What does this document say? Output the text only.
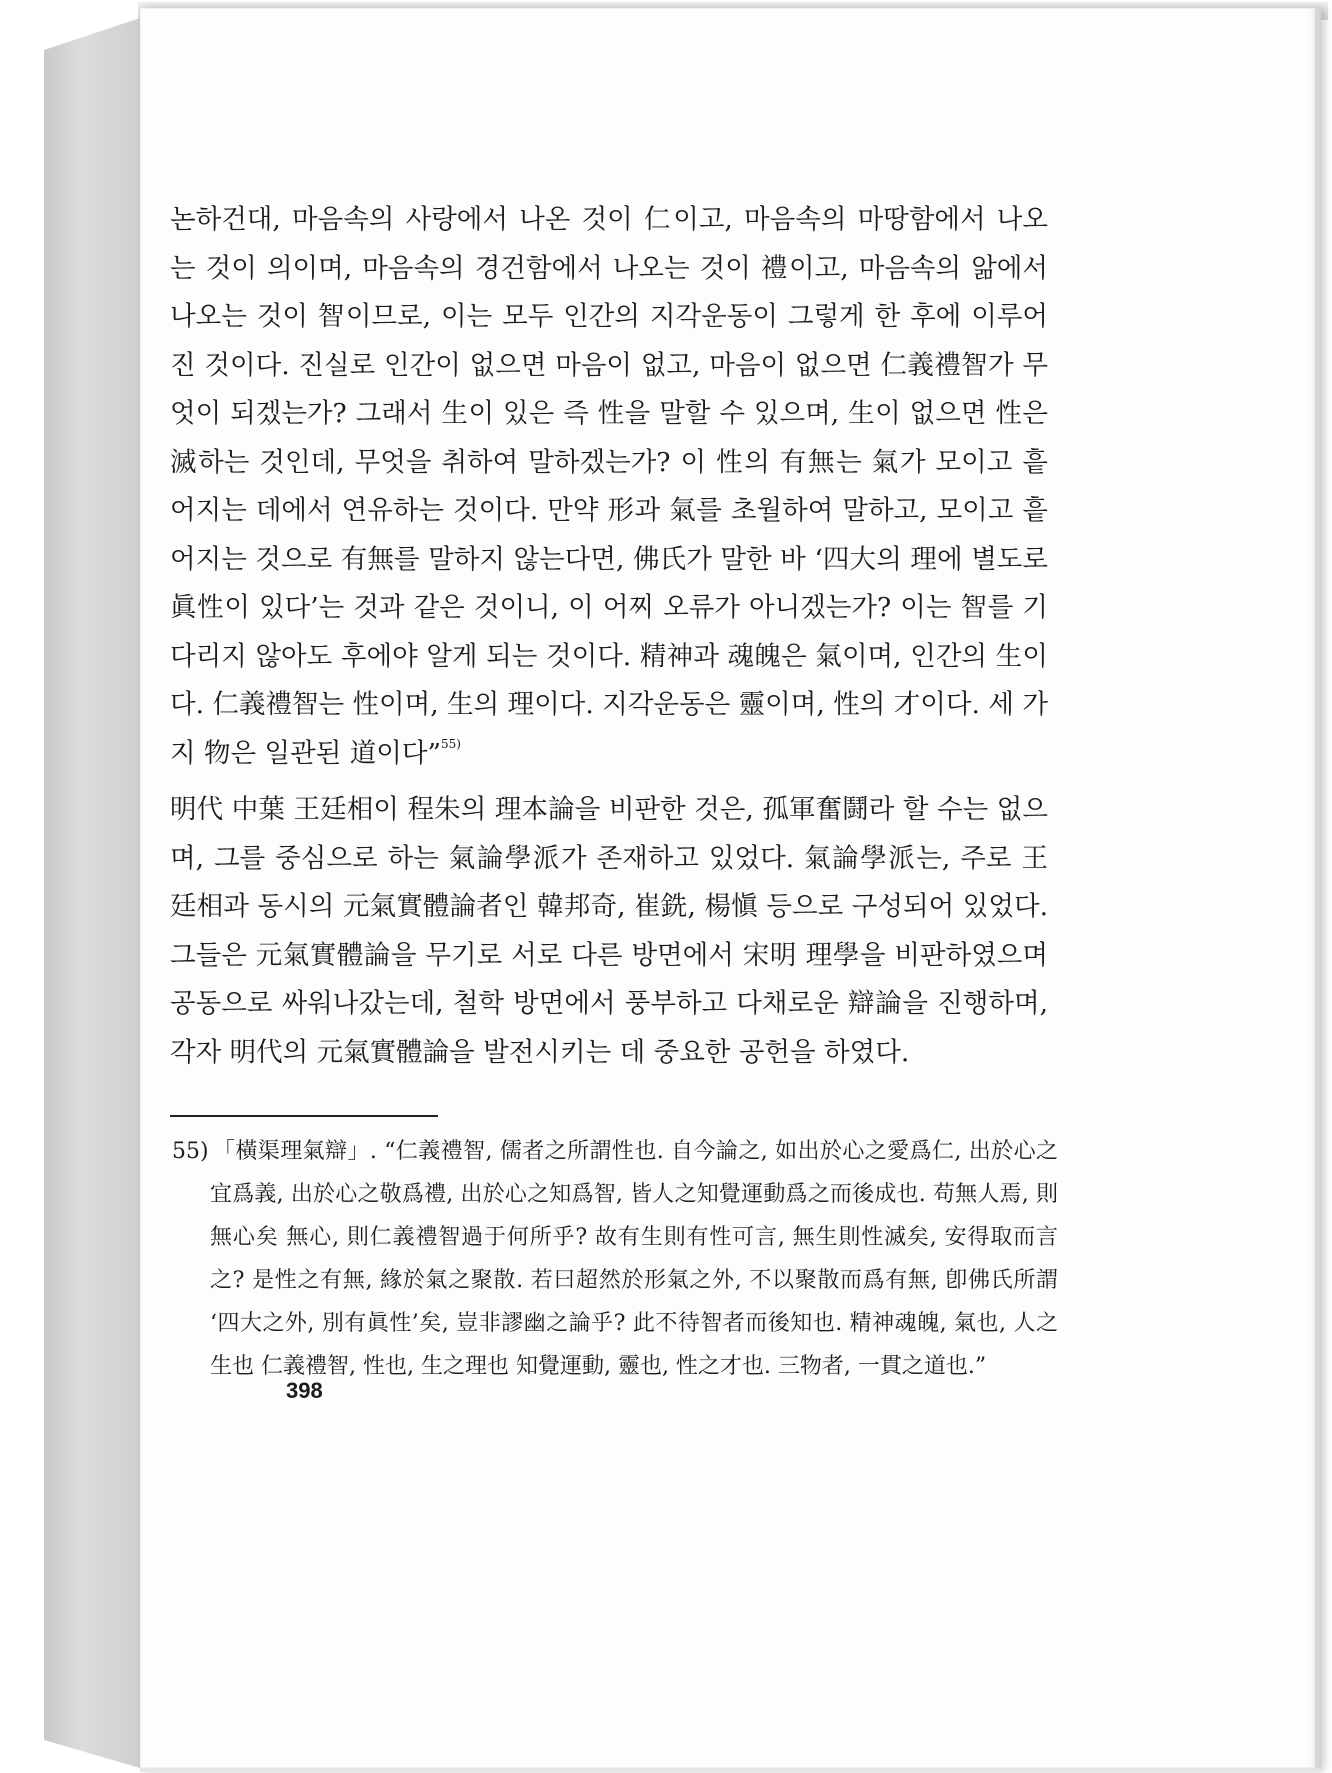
논하건대, 마음속의 사랑에서 나온 것이 仁이고, 마음속의 마땅함에서 나오는 것이 의이며, 마음속의 경건함에서 나오는 것이 禮이고, 마음속의 앎에서 나오는 것이 智이므로, 이는 모두 인간의 지각운동이 그렇게 한 후에 이루어진 것이다. 진실로 인간이 없으면 마음이 없고, 마음이 없으면 仁義禮智가 무엇이 되겠는가? 그래서 生이 있은 즉 性을 말할 수 있으며, 生이 없으면 性은 滅하는 것인데, 무엇을 취하여 말하겠는가? 이 性의 有無는 氣가 모이고 흩어지는 데에서 연유하는 것이다. 만약 形과 氣를 초월하여 말하고, 모이고 흩어지는 것으로 有無를 말하지 않는다면, 佛氏가 말한 바 ‘四大의 理에 별도로 眞性이 있다’는 것과 같은 것이니, 이 어찌 오류가 아니겠는가? 이는 智를 기다리지 않아도 후에야 알게 되는 것이다. 精神과 魂魄은 氣이며, 인간의 生이다. 仁義禮智는 性이며, 生의 理이다. 지각운동은 靈이며, 性의 才이다. 세 가지 物은 일관된 道이다”$^{55)}$

明代 中葉 王廷相이 程朱의 理本論을 비판한 것은, 孤軍奮鬪라 할 수는 없으며, 그를 중심으로 하는 氣論學派가 존재하고 있었다. 氣論學派는, 주로 王廷相과 동시의 元氣實體論者인 韓邦奇, 崔銑, 楊愼 등으로 구성되어 있었다. 그들은 元氣實體論을 무기로 서로 다른 방면에서 宋明 理學을 비판하였으며 공동으로 싸워나갔는데, 철학 방면에서 풍부하고 다채로운 辯論을 진행하며, 각자 明代의 元氣實體論을 발전시키는 데 중요한 공헌을 하였다.

55) 「橫渠理氣辯」. “仁義禮智, 儒者之所謂性也. 自今論之, 如出於心之愛爲仁, 出於心之宜爲義, 出於心之敬爲禮, 出於心之知爲智, 皆人之知覺運動爲之而後成也. 苟無人焉, 則無心矣 無心, 則仁義禮智過于何所乎? 故有生則有性可言, 無生則性滅矣, 安得取而言之? 是性之有無, 緣於氣之聚散. 若曰超然於形氣之外, 不以聚散而爲有無, 卽佛氏所謂 ‘四大之外, 別有眞性’矣, 豈非謬幽之論乎? 此不待智者而後知也. 精神魂魄, 氣也, 人之生也 仁義禮智, 性也, 生之理也 知覺運動, 靈也, 性之才也. 三物者, 一貫之道也.”

398
